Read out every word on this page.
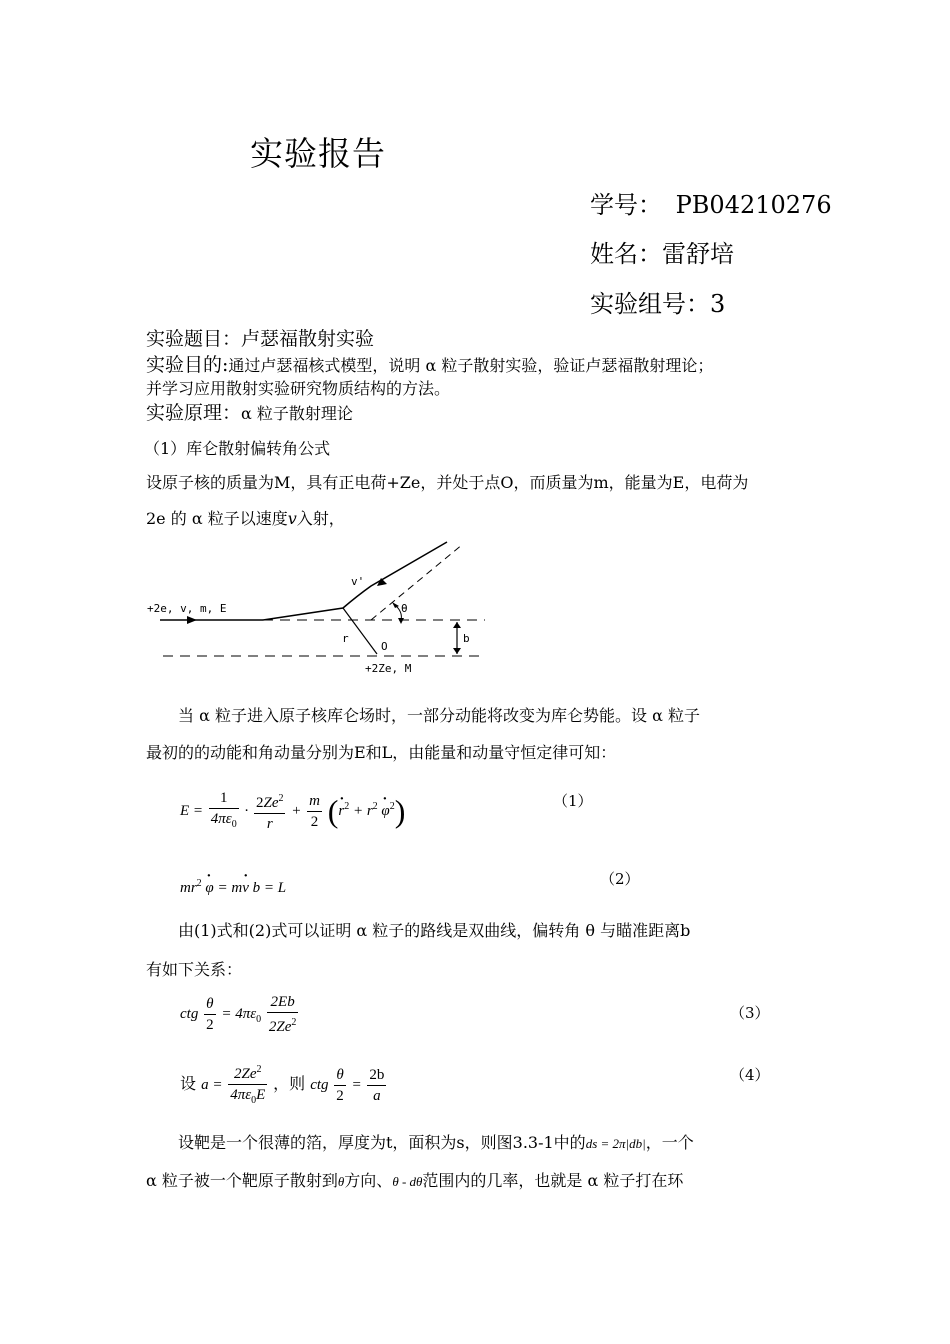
实验报告
学号： PB04210276
姓名：雷舒培
实验组号：3
实验题目：卢瑟福散射实验
实验目的:通过卢瑟福核式模型，说明 α 粒子散射实验，验证卢瑟福散射理论；
并学习应用散射实验研究物质结构的方法。
实验原理：α 粒子散射理论
（1）库仑散射偏转角公式
设原子核的质量为M，具有正电荷+Ze，并处于点O，而质量为m，能量为E，电荷为
2e 的 α 粒子以速度v入射，
+2e, v, m, E
v'
θ
r
O
b
+2Ze, M
当 α 粒子进入原子核库仑场时，一部分动能将改变为库仑势能。设 α 粒子
最初的的动能和角动量分别为E和L，由能量和动量守恒定律可知：
$E = \frac{1}{4\pi\varepsilon_0} \cdot \frac{2Ze^2}{r} + \frac{m}{2}$ (· $r^2 + r^2 \cdot \varphi^2$)	（1）
$mr^2 \cdot \varphi = m\cdot v$ b = L	（2）
由(1)式和(2)式可以证明 α 粒子的路线是双曲线，偏转角 θ 与瞄准距离b
有如下关系：
ctg $\frac{\theta}{2} = 4\pi\varepsilon_0 \frac{2Eb}{2Ze^2}$	（3）
设 $a = \frac{2Ze^2}{4\pi\varepsilon_0E}$ ，则 ctg $\frac{\theta}{2} = \frac{2b}{a}$	（4）
设靶是一个很薄的箔，厚度为t，面积为s，则图3.3-1中的ds = 2π|db|，一个
α 粒子被一个靶原子散射到θ方向、θ - dθ范围内的几率，也就是 α 粒子打在环
